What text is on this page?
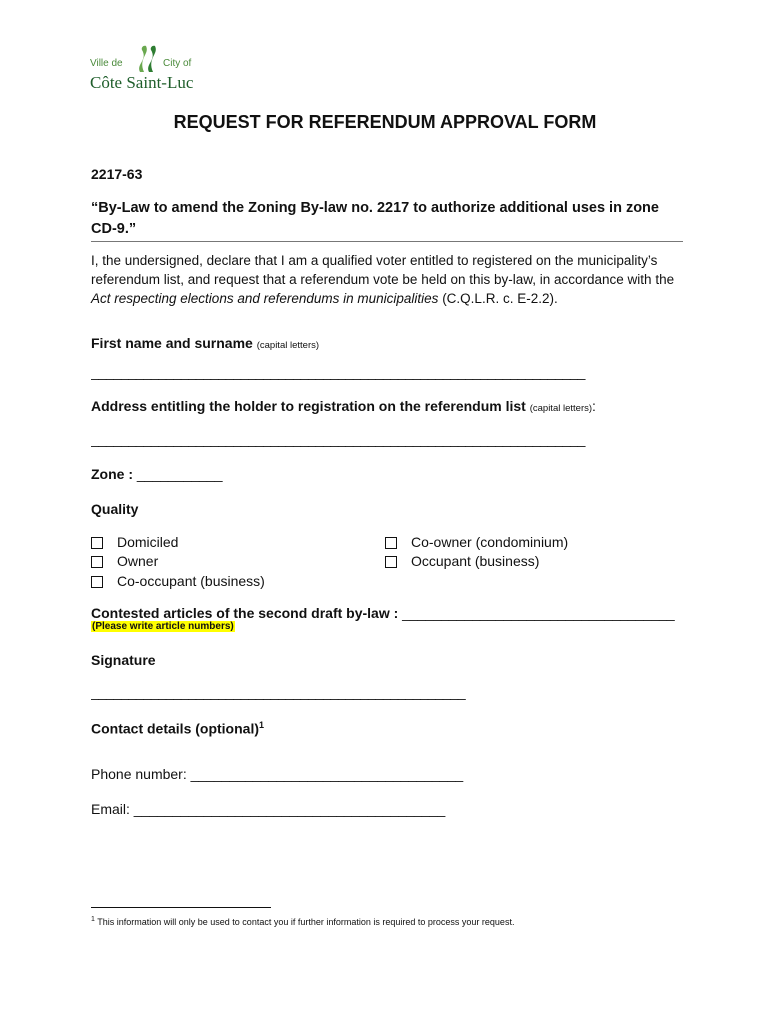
Ville de	City of
Côte Saint-Luc
REQUEST FOR REFERENDUM APPROVAL FORM
2217-63
“By-Law to amend the Zoning By-law no. 2217 to authorize additional uses in zone CD-9.”
I, the undersigned, declare that I am a qualified voter entitled to registered on the municipality’s referendum list, and request that a referendum vote be held on this by-law, in accordance with the Act respecting elections and referendums in municipalities (C.Q.L.R. c. E-2.2).
First name and surname (capital letters)
__________________________________________________________________
Address entitling the holder to registration on the referendum list (capital letters):
__________________________________________________________________
Zone : ___________
Quality
Domiciled
Owner
Co-occupant (business)
Co-owner (condominium)
Occupant (business)
Contested articles of the second draft by-law : ___________________________________
(Please write article numbers)
Signature
__________________________________________________
Contact details (optional)$^1$
Phone number: ___________________________________
Email: ________________________________________
$^1$ This information will only be used to contact you if further information is required to process your request.
